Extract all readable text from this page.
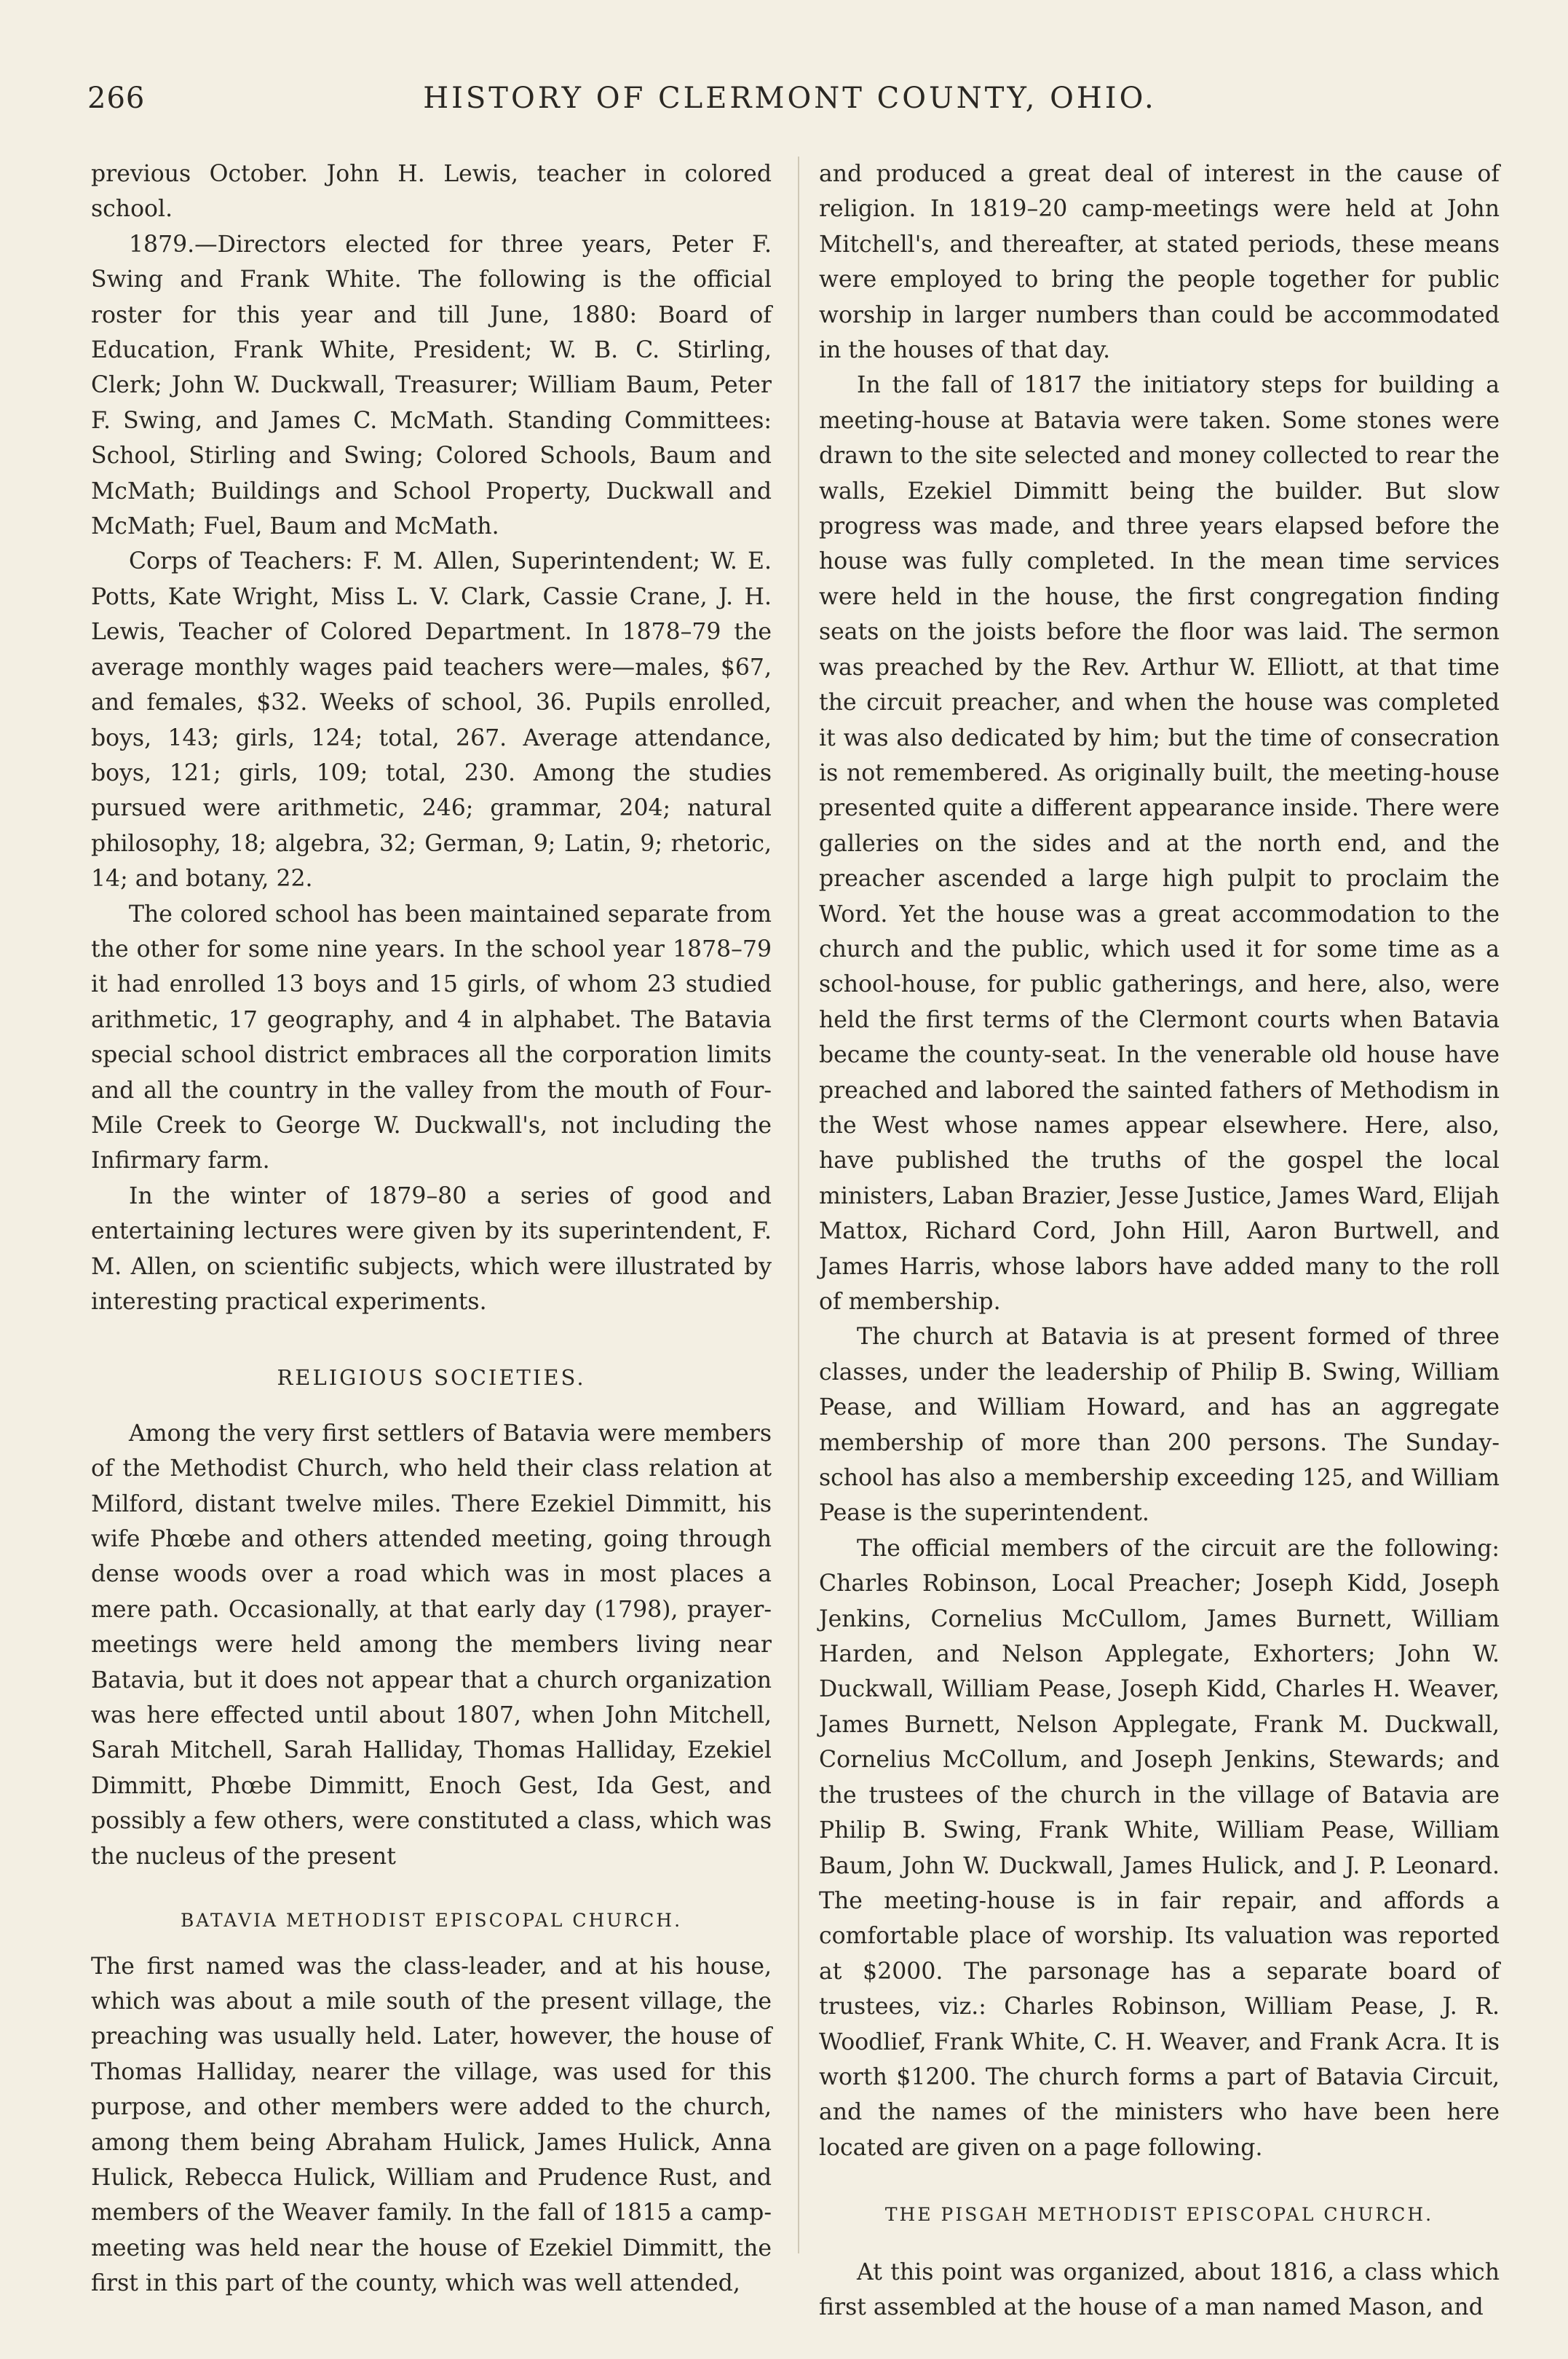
266	HISTORY OF CLERMONT COUNTY, OHIO.

previous October. John H. Lewis, teacher in colored school.

1879.—Directors elected for three years, Peter F. Swing and Frank White. The following is the official roster for this year and till June, 1880: Board of Education, Frank White, President; W. B. C. Stirling, Clerk; John W. Duckwall, Treasurer; William Baum, Peter F. Swing, and James C. McMath. Standing Committees: School, Stirling and Swing; Colored Schools, Baum and McMath; Buildings and School Property, Duckwall and McMath; Fuel, Baum and McMath.

Corps of Teachers: F. M. Allen, Superintendent; W. E. Potts, Kate Wright, Miss L. V. Clark, Cassie Crane, J. H. Lewis, Teacher of Colored Department. In 1878–79 the average monthly wages paid teachers were—males, $67, and females, $32. Weeks of school, 36. Pupils enrolled, boys, 143; girls, 124; total, 267. Average attendance, boys, 121; girls, 109; total, 230. Among the studies pursued were arithmetic, 246; grammar, 204; natural philosophy, 18; algebra, 32; German, 9; Latin, 9; rhetoric, 14; and botany, 22.

The colored school has been maintained separate from the other for some nine years. In the school year 1878–79 it had enrolled 13 boys and 15 girls, of whom 23 studied arithmetic, 17 geography, and 4 in alphabet. The Batavia special school district embraces all the corporation limits and all the country in the valley from the mouth of Four-Mile Creek to George W. Duckwall's, not including the Infirmary farm.

In the winter of 1879–80 a series of good and entertaining lectures were given by its superintendent, F. M. Allen, on scientific subjects, which were illustrated by interesting practical experiments.

RELIGIOUS SOCIETIES.

Among the very first settlers of Batavia were members of the Methodist Church, who held their class relation at Milford, distant twelve miles. There Ezekiel Dimmitt, his wife Phœbe and others attended meeting, going through dense woods over a road which was in most places a mere path. Occasionally, at that early day (1798), prayer-meetings were held among the members living near Batavia, but it does not appear that a church organization was here effected until about 1807, when John Mitchell, Sarah Mitchell, Sarah Halliday, Thomas Halliday, Ezekiel Dimmitt, Phœbe Dimmitt, Enoch Gest, Ida Gest, and possibly a few others, were constituted a class, which was the nucleus of the present

BATAVIA METHODIST EPISCOPAL CHURCH.

The first named was the class-leader, and at his house, which was about a mile south of the present village, the preaching was usually held. Later, however, the house of Thomas Halliday, nearer the village, was used for this purpose, and other members were added to the church, among them being Abraham Hulick, James Hulick, Anna Hulick, Rebecca Hulick, William and Prudence Rust, and members of the Weaver family. In the fall of 1815 a camp-meeting was held near the house of Ezekiel Dimmitt, the first in this part of the county, which was well attended,

and produced a great deal of interest in the cause of religion. In 1819–20 camp-meetings were held at John Mitchell's, and thereafter, at stated periods, these means were employed to bring the people together for public worship in larger numbers than could be accommodated in the houses of that day.

In the fall of 1817 the initiatory steps for building a meeting-house at Batavia were taken. Some stones were drawn to the site selected and money collected to rear the walls, Ezekiel Dimmitt being the builder. But slow progress was made, and three years elapsed before the house was fully completed. In the mean time services were held in the house, the first congregation finding seats on the joists before the floor was laid. The sermon was preached by the Rev. Arthur W. Elliott, at that time the circuit preacher, and when the house was completed it was also dedicated by him; but the time of consecration is not remembered. As originally built, the meeting-house presented quite a different appearance inside. There were galleries on the sides and at the north end, and the preacher ascended a large high pulpit to proclaim the Word. Yet the house was a great accommodation to the church and the public, which used it for some time as a school-house, for public gatherings, and here, also, were held the first terms of the Clermont courts when Batavia became the county-seat. In the venerable old house have preached and labored the sainted fathers of Methodism in the West whose names appear elsewhere. Here, also, have published the truths of the gospel the local ministers, Laban Brazier, Jesse Justice, James Ward, Elijah Mattox, Richard Cord, John Hill, Aaron Burtwell, and James Harris, whose labors have added many to the roll of membership.

The church at Batavia is at present formed of three classes, under the leadership of Philip B. Swing, William Pease, and William Howard, and has an aggregate membership of more than 200 persons. The Sunday-school has also a membership exceeding 125, and William Pease is the superintendent.

The official members of the circuit are the following: Charles Robinson, Local Preacher; Joseph Kidd, Joseph Jenkins, Cornelius McCullom, James Burnett, William Harden, and Nelson Applegate, Exhorters; John W. Duckwall, William Pease, Joseph Kidd, Charles H. Weaver, James Burnett, Nelson Applegate, Frank M. Duckwall, Cornelius McCollum, and Joseph Jenkins, Stewards; and the trustees of the church in the village of Batavia are Philip B. Swing, Frank White, William Pease, William Baum, John W. Duckwall, James Hulick, and J. P. Leonard. The meeting-house is in fair repair, and affords a comfortable place of worship. Its valuation was reported at $2000. The parsonage has a separate board of trustees, viz.: Charles Robinson, William Pease, J. R. Woodlief, Frank White, C. H. Weaver, and Frank Acra. It is worth $1200. The church forms a part of Batavia Circuit, and the names of the ministers who have been here located are given on a page following.

THE PISGAH METHODIST EPISCOPAL CHURCH.

At this point was organized, about 1816, a class which first assembled at the house of a man named Mason, and
